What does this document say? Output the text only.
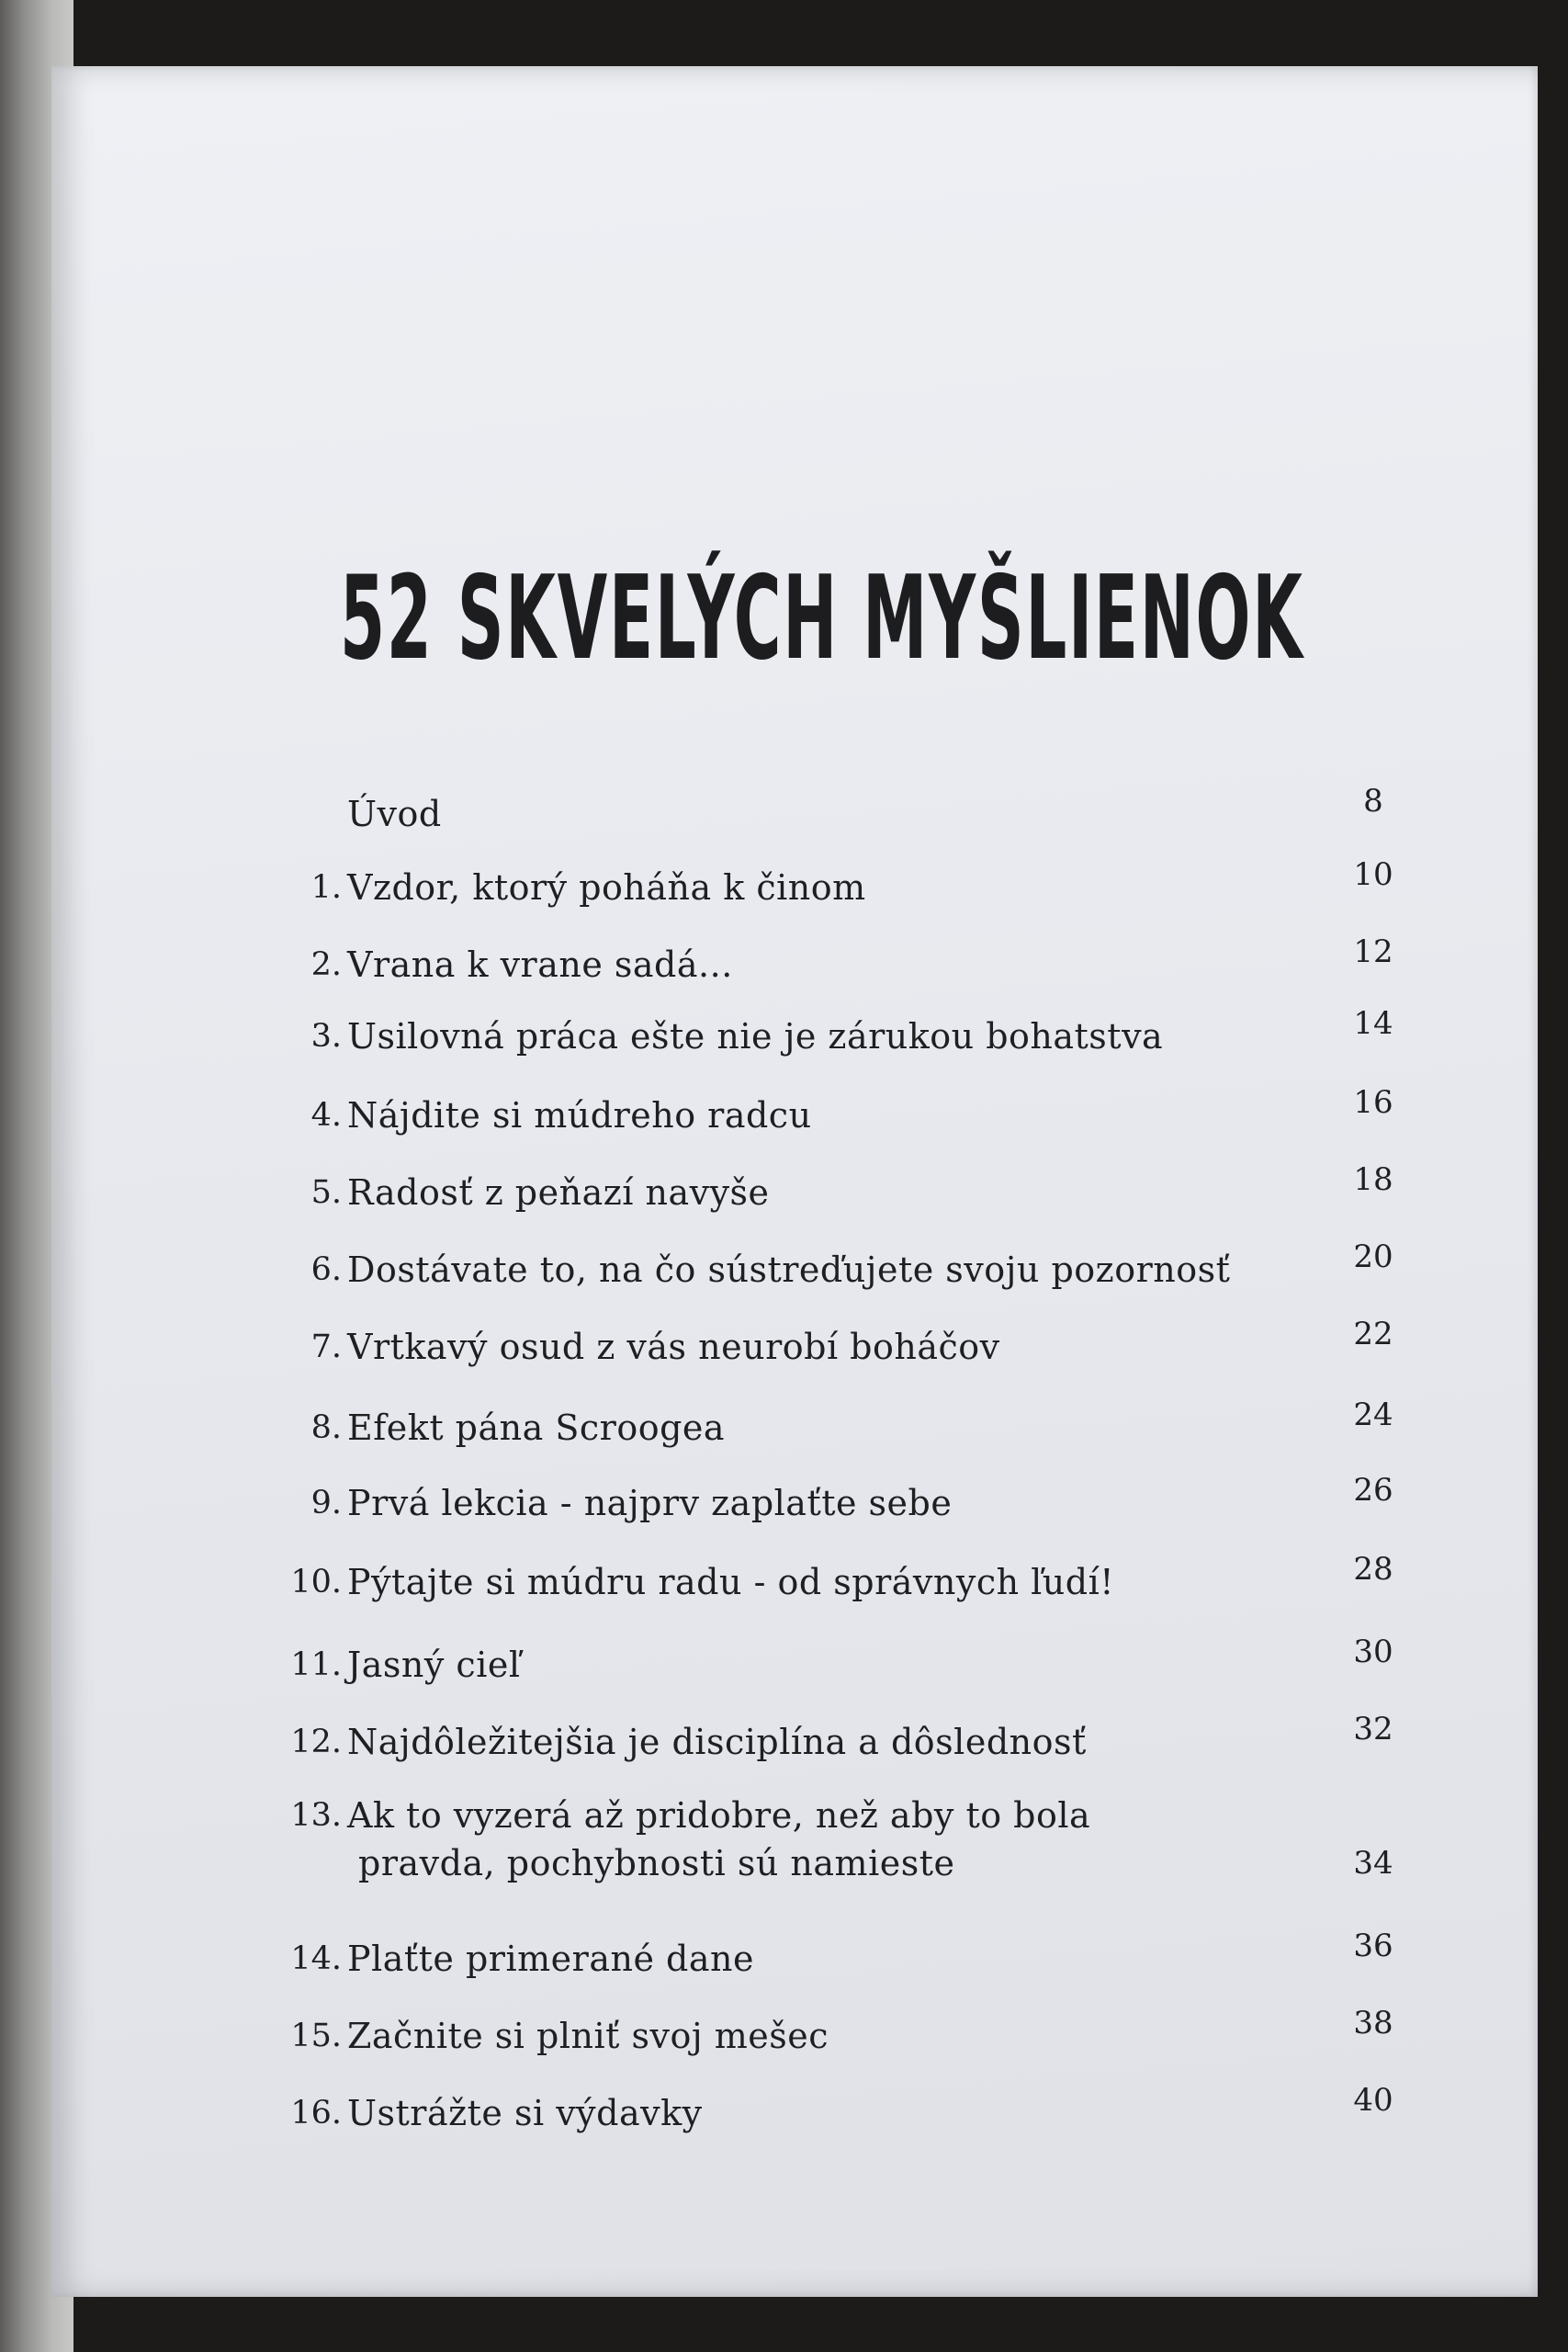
52 SKVELÝCH MYŠLIENOK
Úvod	8
1. Vzdor, ktorý poháňa k činom	10
2. Vrana k vrane sadá...	12
3. Usilovná práca ešte nie je zárukou bohatstva	14
4. Nájdite si múdreho radcu	16
5. Radosť z peňazí navyše	18
6. Dostávate to, na čo sústreďujete svoju pozornosť	20
7. Vrtkavý osud z vás neurobí boháčov	22
8. Efekt pána Scroogea	24
9. Prvá lekcia - najprv zaplaťte sebe	26
10. Pýtajte si múdru radu - od správnych ľudí!	28
11. Jasný cieľ	30
12. Najdôležitejšia je disciplína a dôslednosť	32
13. Ak to vyzerá až pridobre, než aby to bola
pravda, pochybnosti sú namieste	34
14. Plaťte primerané dane	36
15. Začnite si plniť svoj mešec	38
16. Ustrážte si výdavky	40
